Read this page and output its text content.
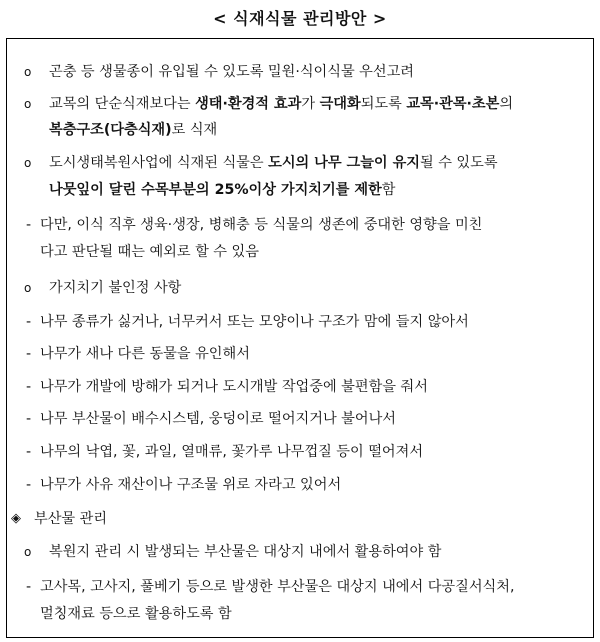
< 식재식물 관리방안 >
ο 곤충 등 생물종이 유입될 수 있도록 밀원·식이식물 우선고려
ο 교목의 단순식재보다는 생태·환경적 효과가 극대화되도록 교목·관목·초본의
복층구조(다층식재)로 식재
ο 도시생태복원사업에 식재된 식물은 도시의 나무 그늘이 유지될 수 있도록
나뭇잎이 달린 수목부분의 25%이상 가지치기를 제한함
- 다만, 이식 직후 생육·생장, 병해충 등 식물의 생존에 중대한 영향을 미친
다고 판단될 때는 예외로 할 수 있음
ο 가지치기 불인정 사항
- 나무 종류가 싫거나, 너무커서 또는 모양이나 구조가 맘에 들지 않아서
- 나무가 새나 다른 동물을 유인해서
- 나무가 개발에 방해가 되거나 도시개발 작업중에 불편함을 줘서
- 나무 부산물이 배수시스템, 웅덩이로 떨어지거나 불어나서
- 나무의 낙엽, 꽃, 과일, 열매류, 꽃가루 나무껍질 등이 떨어져서
- 나무가 사유 재산이나 구조물 위로 자라고 있어서
◈ 부산물 관리
ο 복원지 관리 시 발생되는 부산물은 대상지 내에서 활용하여야 함
- 고사목, 고사지, 풀베기 등으로 발생한 부산물은 대상지 내에서 다공질서식처,
멀칭재료 등으로 활용하도록 함
